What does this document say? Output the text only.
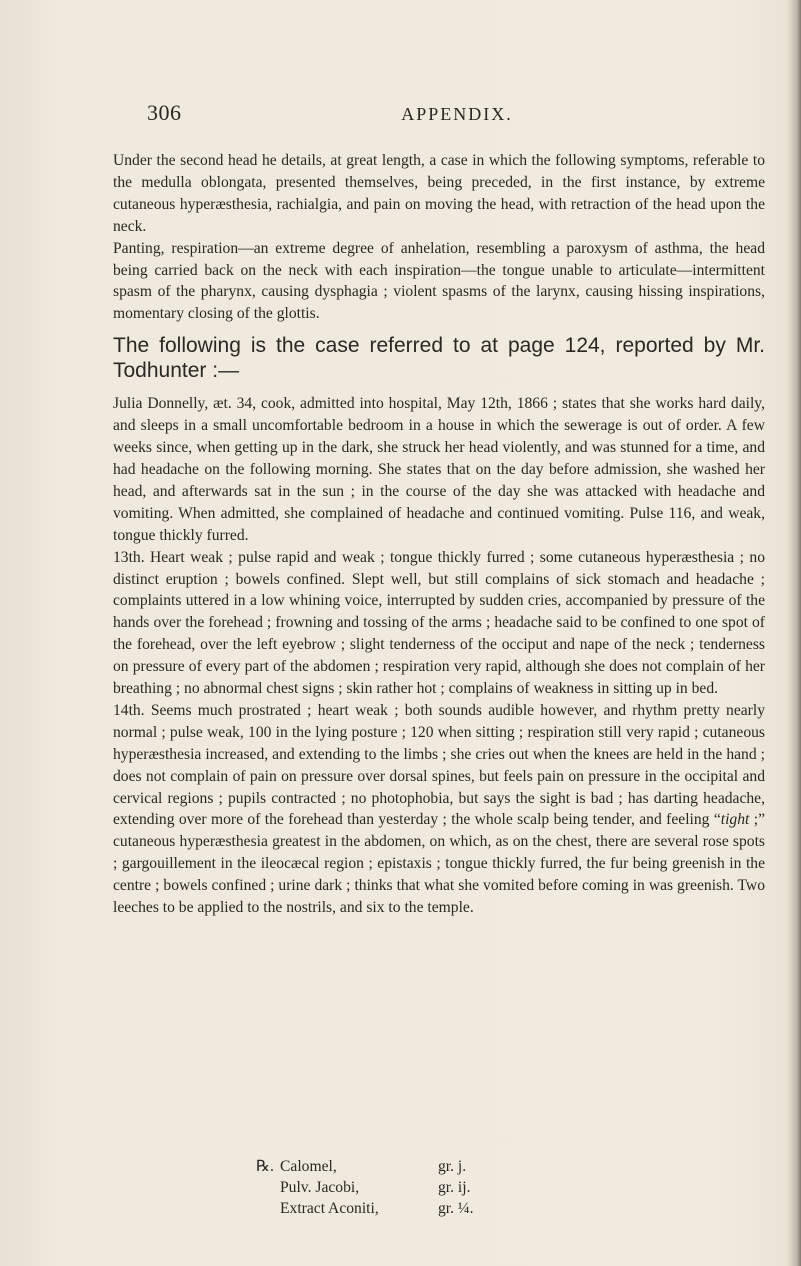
306	APPENDIX.

Under the second head he details, at great length, a case in which the following symptoms, referable to the medulla oblongata, presented themselves, being preceded, in the first instance, by extreme cutaneous hyperæsthesia, rachialgia, and pain on moving the head, with retraction of the head upon the neck.

Panting, respiration—an extreme degree of anhelation, resembling a paroxysm of asthma, the head being carried back on the neck with each inspiration—the tongue unable to articulate—intermittent spasm of the pharynx, causing dysphagia ; violent spasms of the larynx, causing hissing inspirations, momentary closing of the glottis.

The following is the case referred to at page 124, reported by Mr. Todhunter :—

Julia Donnelly, æt. 34, cook, admitted into hospital, May 12th, 1866 ; states that she works hard daily, and sleeps in a small uncomfortable bedroom in a house in which the sewerage is out of order. A few weeks since, when getting up in the dark, she struck her head violently, and was stunned for a time, and had headache on the following morning. She states that on the day before admission, she washed her head, and afterwards sat in the sun ; in the course of the day she was attacked with headache and vomiting. When admitted, she complained of headache and continued vomiting. Pulse 116, and weak, tongue thickly furred.

13th. Heart weak ; pulse rapid and weak ; tongue thickly furred ; some cutaneous hyperæsthesia ; no distinct eruption ; bowels confined. Slept well, but still complains of sick stomach and headache ; complaints uttered in a low whining voice, interrupted by sudden cries, accompanied by pressure of the hands over the forehead ; frowning and tossing of the arms ; headache said to be confined to one spot of the forehead, over the left eyebrow ; slight tenderness of the occiput and nape of the neck ; tenderness on pressure of every part of the abdomen ; respiration very rapid, although she does not complain of her breathing ; no abnormal chest signs ; skin rather hot ; complains of weakness in sitting up in bed.

14th. Seems much prostrated ; heart weak ; both sounds audible however, and rhythm pretty nearly normal ; pulse weak, 100 in the lying posture ; 120 when sitting ; respiration still very rapid ; cutaneous hyperæsthesia increased, and extending to the limbs ; she cries out when the knees are held in the hand ; does not complain of pain on pressure over dorsal spines, but feels pain on pressure in the occipital and cervical regions ; pupils contracted ; no photophobia, but says the sight is bad ; has darting headache, extending over more of the forehead than yesterday ; the whole scalp being tender, and feeling “tight ;” cutaneous hyperæsthesia greatest in the abdomen, on which, as on the chest, there are several rose spots ; gargouillement in the ileocæcal region ; epistaxis ; tongue thickly furred, the fur being greenish in the centre ; bowels confined ; urine dark ; thinks that what she vomited before coming in was greenish. Two leeches to be applied to the nostrils, and six to the temple.

℞. Calomel,	gr. j.
Pulv. Jacobi,	gr. ij.
Extract Aconiti,	gr. ¼.
